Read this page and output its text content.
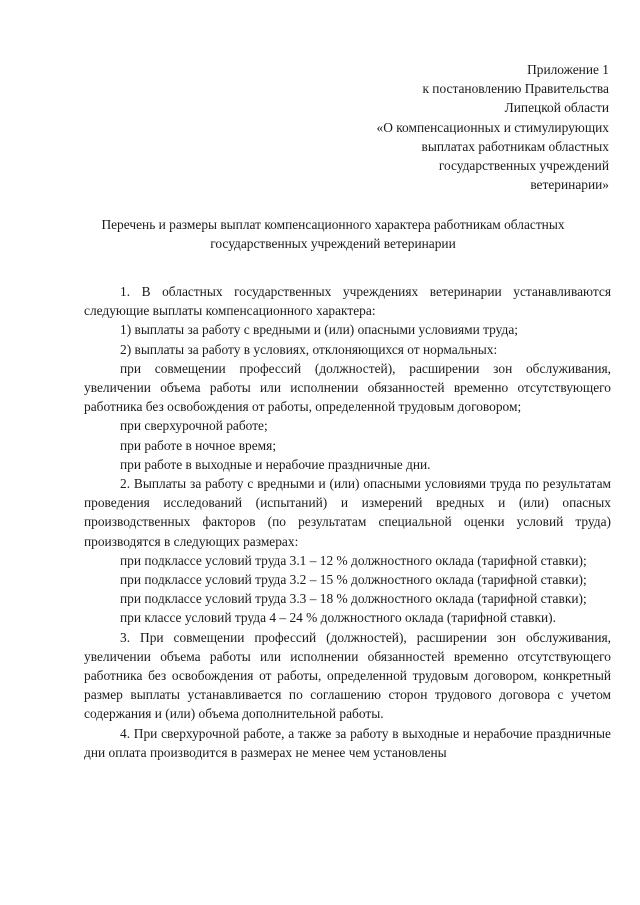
Приложение 1
к постановлению Правительства
Липецкой области
«О компенсационных и стимулирующих
выплатах работникам областных
государственных учреждений
ветеринарии»
Перечень и размеры выплат компенсационного характера работникам областных
государственных учреждений ветеринарии

1. В областных государственных учреждениях ветеринарии устанавливаются следующие выплаты компенсационного характера:

1) выплаты за работу с вредными и (или) опасными условиями труда;

2) выплаты за работу в условиях, отклоняющихся от нормальных:

при совмещении профессий (должностей), расширении зон обслуживания, увеличении объема работы или исполнении обязанностей временно отсутствующего работника без освобождения от работы, определенной трудовым договором;

при сверхурочной работе;

при работе в ночное время;

при работе в выходные и нерабочие праздничные дни.

2. Выплаты за работу с вредными и (или) опасными условиями труда по результатам проведения исследований (испытаний) и измерений вредных и (или) опасных производственных факторов (по результатам специальной оценки условий труда) производятся в следующих размерах:

при подклассе условий труда 3.1 – 12 % должностного оклада (тарифной ставки);

при подклассе условий труда 3.2 – 15 % должностного оклада (тарифной ставки);

при подклассе условий труда 3.3 – 18 % должностного оклада (тарифной ставки);

при классе условий труда 4 – 24 % должностного оклада (тарифной ставки).

3. При совмещении профессий (должностей), расширении зон обслуживания, увеличении объема работы или исполнении обязанностей временно отсутствующего работника без освобождения от работы, определенной трудовым договором, конкретный размер выплаты устанавливается по соглашению сторон трудового договора с учетом содержания и (или) объема дополнительной работы.

4. При сверхурочной работе, а также за работу в выходные и нерабочие праздничные дни оплата производится в размерах не менее чем установлены
